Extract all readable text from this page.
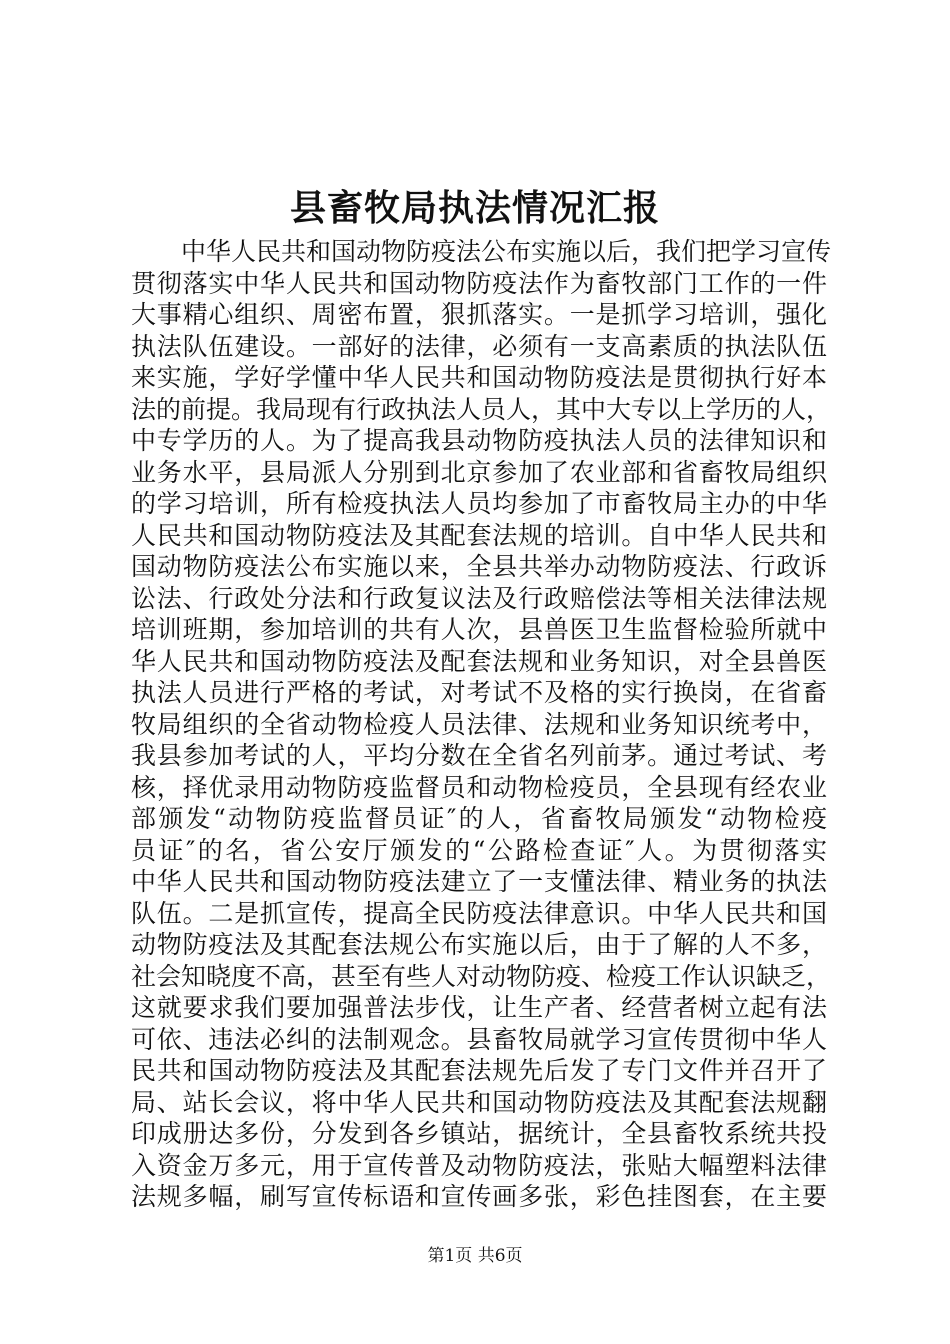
县畜牧局执法情况汇报
中华人民共和国动物防疫法公布实施以后，我们把学习宣传
贯彻落实中华人民共和国动物防疫法作为畜牧部门工作的一件
大事精心组织、周密布置，狠抓落实。一是抓学习培训，强化
执法队伍建设。一部好的法律，必须有一支高素质的执法队伍
来实施，学好学懂中华人民共和国动物防疫法是贯彻执行好本
法的前提。我局现有行政执法人员人，其中大专以上学历的人，
中专学历的人。为了提高我县动物防疫执法人员的法律知识和
业务水平，县局派人分别到北京参加了农业部和省畜牧局组织
的学习培训，所有检疫执法人员均参加了市畜牧局主办的中华
人民共和国动物防疫法及其配套法规的培训。自中华人民共和
国动物防疫法公布实施以来，全县共举办动物防疫法、行政诉
讼法、行政处分法和行政复议法及行政赔偿法等相关法律法规
培训班期，参加培训的共有人次，县兽医卫生监督检验所就中
华人民共和国动物防疫法及配套法规和业务知识，对全县兽医
执法人员进行严格的考试，对考试不及格的实行换岗，在省畜
牧局组织的全省动物检疫人员法律、法规和业务知识统考中，
我县参加考试的人，平均分数在全省名列前茅。通过考试、考
核，择优录用动物防疫监督员和动物检疫员，全县现有经农业
部颁发“动物防疫监督员证″的人，省畜牧局颁发“动物检疫
员证″的名，省公安厅颁发的“公路检查证″人。为贯彻落实
中华人民共和国动物防疫法建立了一支懂法律、精业务的执法
队伍。二是抓宣传，提高全民防疫法律意识。中华人民共和国
动物防疫法及其配套法规公布实施以后，由于了解的人不多，
社会知晓度不高，甚至有些人对动物防疫、检疫工作认识缺乏，
这就要求我们要加强普法步伐，让生产者、经营者树立起有法
可依、违法必纠的法制观念。县畜牧局就学习宣传贯彻中华人
民共和国动物防疫法及其配套法规先后发了专门文件并召开了
局、站长会议，将中华人民共和国动物防疫法及其配套法规翻
印成册达多份，分发到各乡镇站，据统计，全县畜牧系统共投
入资金万多元，用于宣传普及动物防疫法，张贴大幅塑料法律
法规多幅，刷写宣传标语和宣传画多张，彩色挂图套，在主要
第1页 共6页
